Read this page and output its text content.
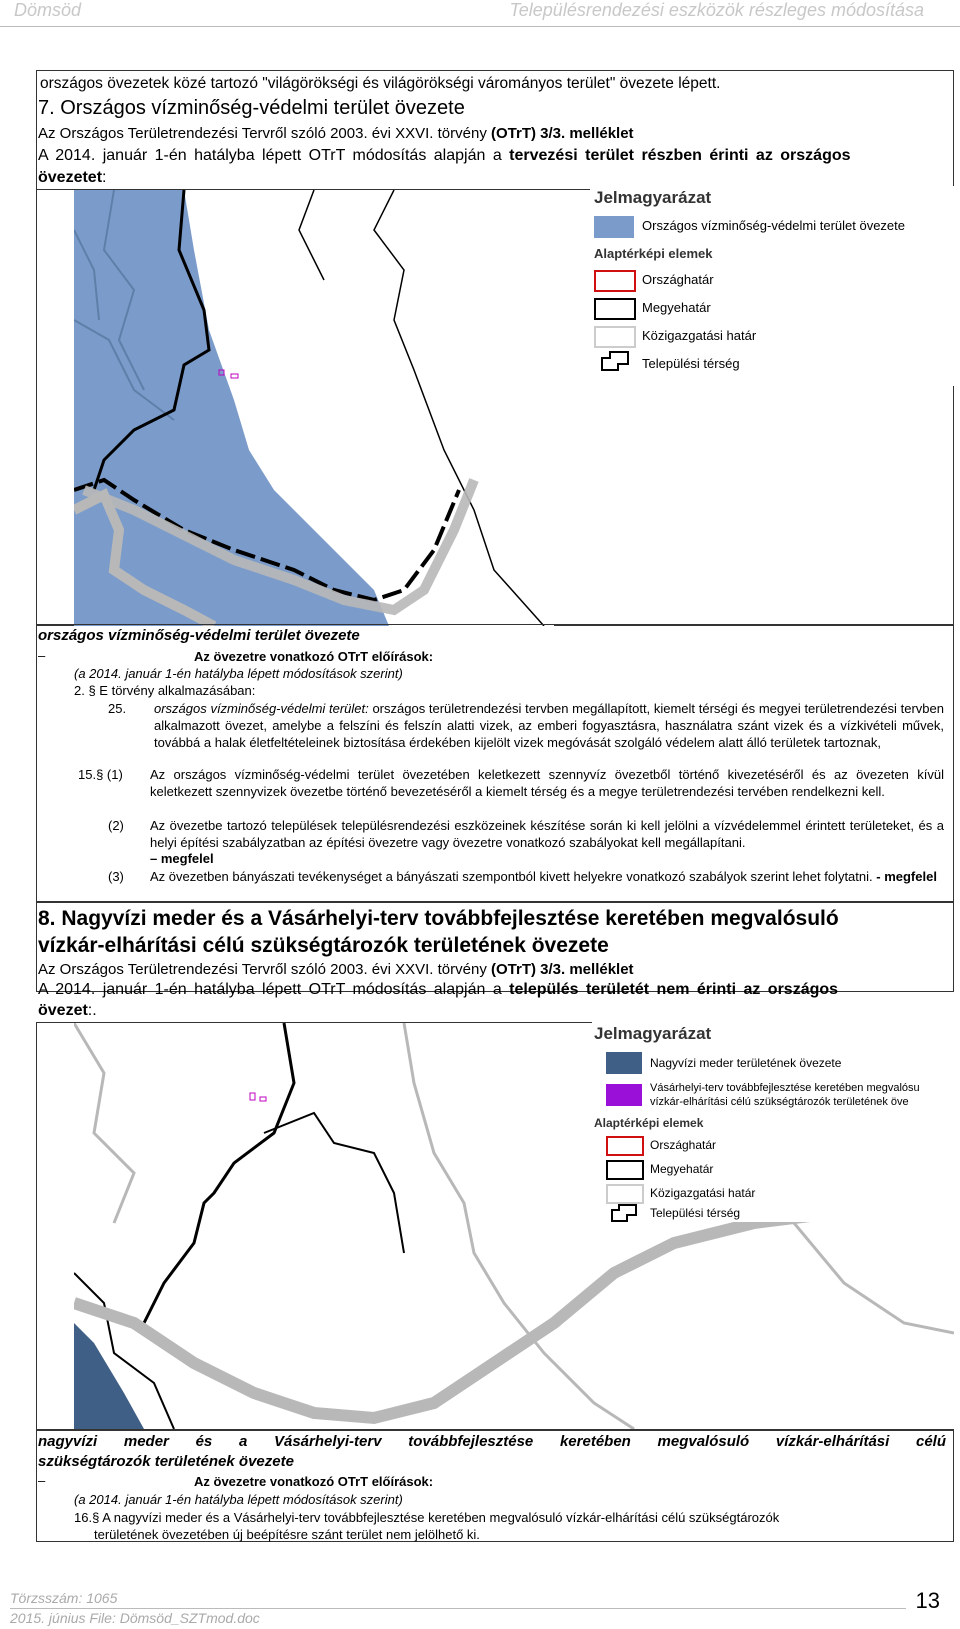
Dömsöd	Településrendezési eszközök részleges módosítása
országos övezetek közé tartozó "világörökségi és világörökségi várományos terület" övezete lépett.
7. Országos vízminőség-védelmi terület övezete
Az Országos Területrendezési Tervről szóló 2003. évi XXVI. törvény (OTrT) 3/3. melléklet
A 2014. január 1-én hatályba lépett OTrT módosítás alapján a tervezési terület részben érinti az országos
övezetet:
Jelmagyarázat
Országos vízminőség-védelmi terület övezete
Alaptérképi elemek
Országhatár
Megyehatár
Közigazgatási határ
Települési térség
országos vízminőség-védelmi terület övezete
–	Az övezetre vonatkozó OTrT előírások:
(a 2014. január 1-én hatályba lépett módosítások szerint)
2. § E törvény alkalmazásában:
25. országos vízminőség-védelmi terület: országos területrendezési tervben megállapított, kiemelt térségi és megyei területrendezési tervben alkalmazott övezet, amelybe a felszíni és felszín alatti vizek, az emberi fogyasztásra, használatra szánt vizek és a vízkivételi művek, továbbá a halak életfeltételeinek biztosítása érdekében kijelölt vizek megóvását szolgáló védelem alatt álló területek tartoznak,
15.§ (1) Az országos vízminőség-védelmi terület övezetében keletkezett szennyvíz övezetből történő kivezetéséről és az övezeten kívül keletkezett szennyvizek övezetbe történő bevezetéséről a kiemelt térség és a megye területrendezési tervében rendelkezni kell.
(2) Az övezetbe tartozó települések településrendezési eszközeinek készítése során ki kell jelölni a vízvédelemmel érintett területeket, és a helyi építési szabályzatban az építési övezetre vagy övezetre vonatkozó szabályokat kell megállapítani.
– megfelel
(3) Az övezetben bányászati tevékenységet a bányászati szempontból kivett helyekre vonatkozó szabályok szerint lehet folytatni. - megfelel
8. Nagyvízi meder és a Vásárhelyi-terv továbbfejlesztése keretében megvalósuló
vízkár-elhárítási célú szükségtározók területének övezete
Az Országos Területrendezési Tervről szóló 2003. évi XXVI. törvény (OTrT) 3/3. melléklet
A 2014. január 1-én hatályba lépett OTrT módosítás alapján a település területét nem érinti az országos
övezet:.
Jelmagyarázat
Nagyvízi meder területének övezete
Vásárhelyi-terv továbbfejlesztése keretében megvalósu
vízkár-elhárítási célú szükségtározók területének öve
Alaptérképi elemek
Országhatár
Megyehatár
Közigazgatási határ
Települési térség
nagyvízi meder és a Vásárhelyi-terv továbbfejlesztése keretében megvalósuló vízkár-elhárítási célú
szükségtározók területének övezete
–	Az övezetre vonatkozó OTrT előírások:
(a 2014. január 1-én hatályba lépett módosítások szerint)
16.§ A nagyvízi meder és a Vásárhelyi-terv továbbfejlesztése keretében megvalósuló vízkár-elhárítási célú szükségtározók
területének övezetében új beépítésre szánt terület nem jelölhető ki.
Törzsszám: 1065
2015. június File: Dömsöd_SZTmod.doc
13
